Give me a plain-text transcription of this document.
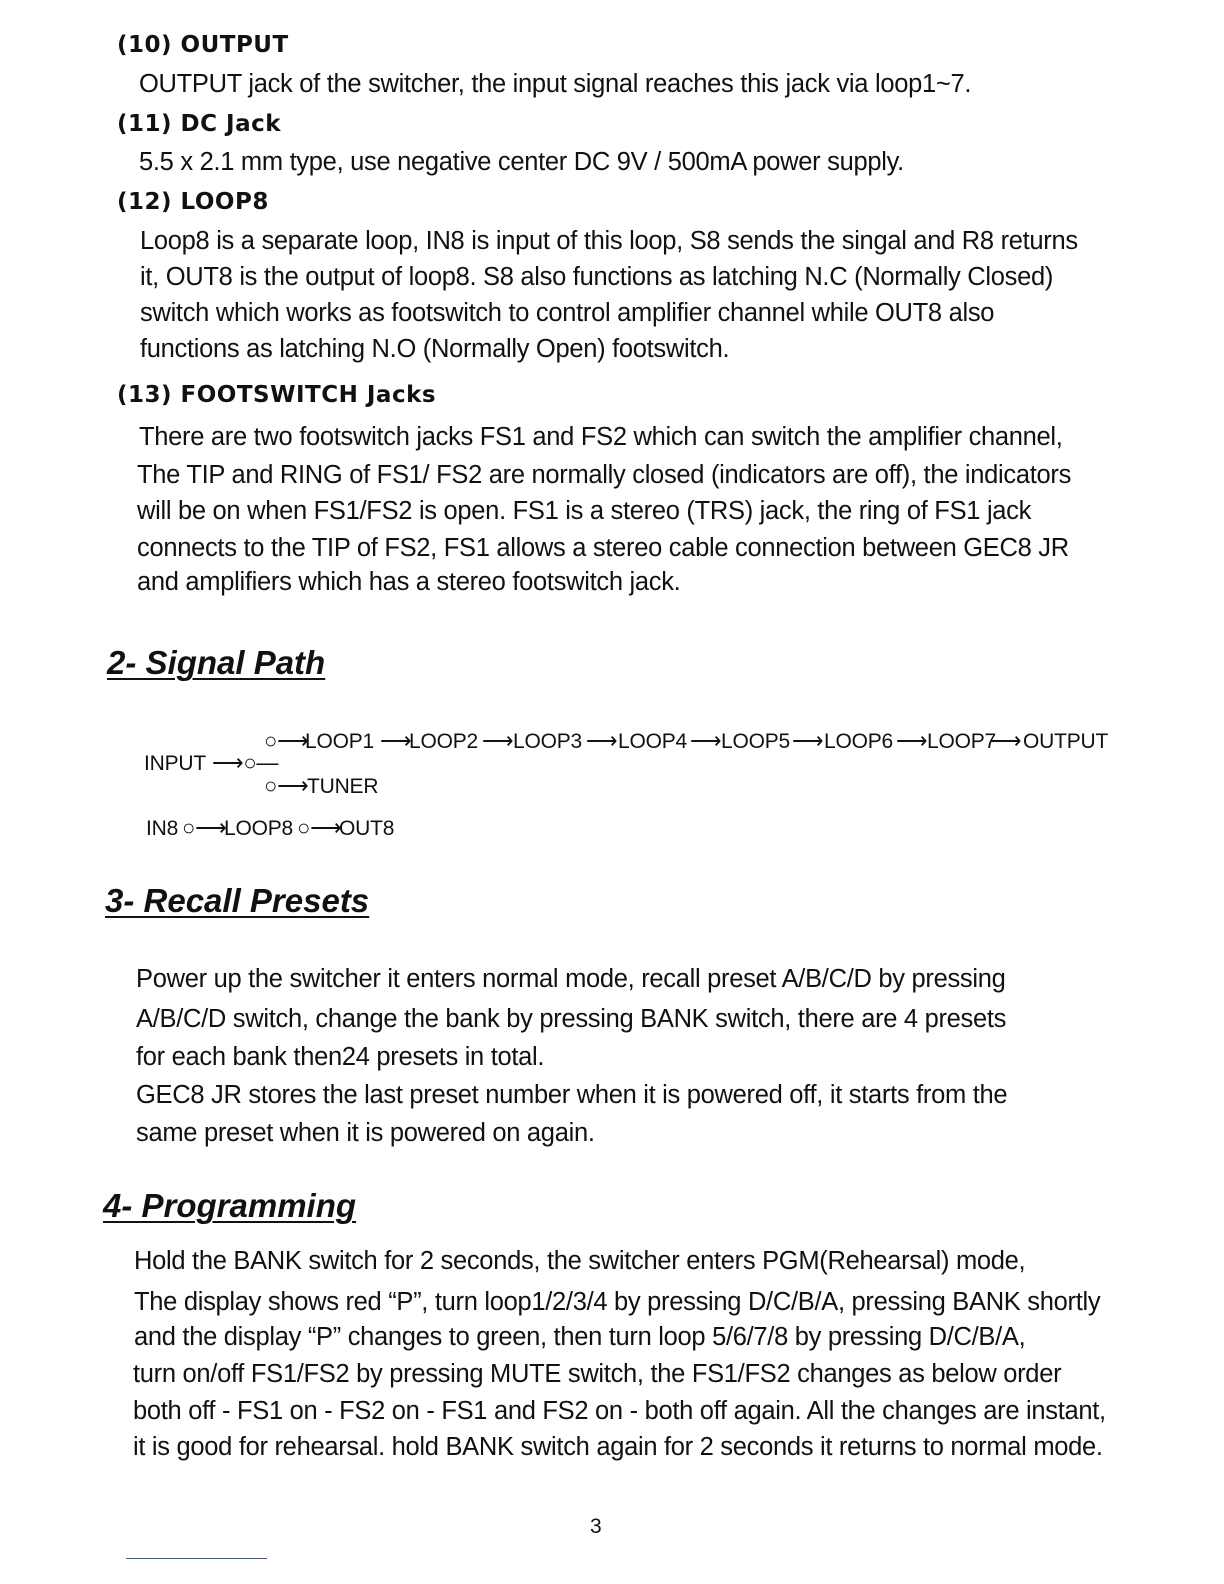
(10) OUTPUT
OUTPUT jack of the switcher, the input signal reaches this jack via loop1~7.
(11) DC Jack
5.5 x 2.1 mm type, use negative center DC 9V / 500mA power supply.
(12) LOOP8
Loop8 is a separate loop, IN8 is input of this loop, S8 sends the singal and R8 returns
it, OUT8 is the output of loop8. S8 also functions as latching N.C (Normally Closed)
switch which works as footswitch to control amplifier channel while OUT8 also
functions as latching N.O (Normally Open) footswitch.
(13) FOOTSWITCH Jacks
There are two footswitch jacks FS1 and FS2 which can switch the amplifier channel,
The TIP and RING of FS1/ FS2 are normally closed (indicators are off), the indicators
will be on when FS1/FS2 is open. FS1 is a stereo (TRS) jack, the ring of FS1 jack
connects to the TIP of FS2, FS1 allows a stereo cable connection between GEC8 JR
and amplifiers which has a stereo footswitch jack.
2- Signal Path
○⟶
LOOP1 ⟶
LOOP2 ⟶ LOOP3 ⟶ LOOP4 ⟶ LOOP5 ⟶ LOOP6 ⟶ LOOP7
⟶ OUTPUT
INPUT ⟶○—
○⟶
TUNER
IN8 ○⟶
LOOP8 ○⟶
OUT8
3- Recall Presets
Power up the switcher it enters normal mode, recall preset A/B/C/D by pressing
A/B/C/D switch, change the bank by pressing BANK switch, there are 4 presets
for each bank then24 presets in total.
GEC8 JR stores the last preset number when it is powered off, it starts from the
same preset when it is powered on again.
4- Programming
Hold the BANK switch for 2 seconds, the switcher enters PGM(Rehearsal) mode,
The display shows red “P”, turn loop1/2/3/4 by pressing D/C/B/A, pressing BANK shortly
and the display “P” changes to green, then turn loop 5/6/7/8 by pressing D/C/B/A,
turn on/off FS1/FS2 by pressing MUTE switch, the FS1/FS2 changes as below order
both off - FS1 on - FS2 on - FS1 and FS2 on - both off again. All the changes are instant,
it is good for rehearsal. hold BANK switch again for 2 seconds it returns to normal mode.
3
